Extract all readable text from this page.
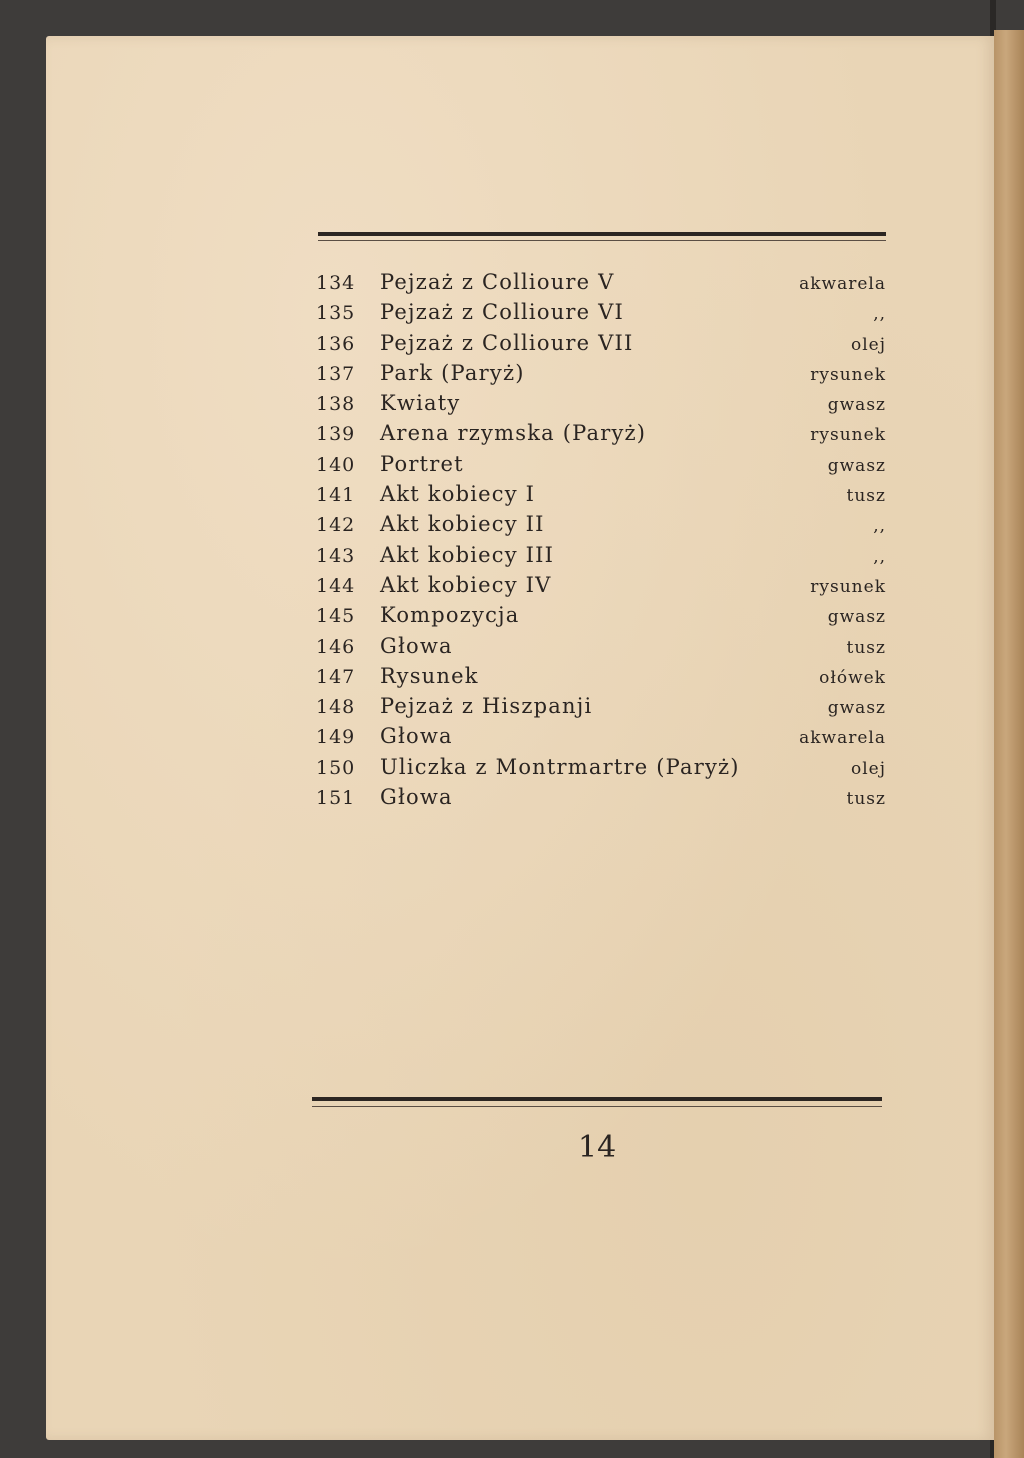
134 Pejzaż z Collioure V	akwarela
135 Pejzaż z Collioure VI	,,
136 Pejzaż z Collioure VII	olej
137 Park (Paryż)	rysunek
138 Kwiaty	gwasz
139 Arena rzymska (Paryż)	rysunek
140 Portret	gwasz
141 Akt kobiecy I	tusz
142 Akt kobiecy II	,,
143 Akt kobiecy III	,,
144 Akt kobiecy IV	rysunek
145 Kompozycja	gwasz
146 Głowa	tusz
147 Rysunek	ołówek
148 Pejzaż z Hiszpanji	gwasz
149 Głowa	akwarela
150 Uliczka z Montrmartre (Paryż)	olej
151 Głowa	tusz
14
